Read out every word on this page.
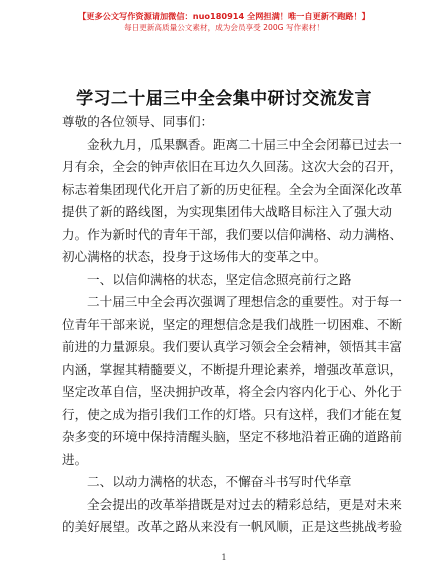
【更多公文写作资源请加微信：nuo180914 全网担满！唯一自更新不跑路！】
每日更新高质量公文素材，成为会员享受 200G 写作素材！
学习二十届三中全会集中研讨交流发言
尊敬的各位领导、同事们：
金秋九月，瓜果飘香。距离二十届三中全会闭幕已过去一
月有余，全会的钟声依旧在耳边久久回荡。这次大会的召开，
标志着集团现代化开启了新的历史征程。全会为全面深化改革
提供了新的路线图，为实现集团伟大战略目标注入了强大动
力。作为新时代的青年干部，我们要以信仰满格、动力满格、
初心满格的状态，投身于这场伟大的变革之中。
一、以信仰满格的状态，坚定信念照亮前行之路
二十届三中全会再次强调了理想信念的重要性。对于每一
位青年干部来说，坚定的理想信念是我们战胜一切困难、不断
前进的力量源泉。我们要认真学习领会全会精神，领悟其丰富
内涵，掌握其精髓要义，不断提升理论素养，增强改革意识，
坚定改革自信，坚决拥护改革，将全会内容内化于心、外化于
行，使之成为指引我们工作的灯塔。只有这样，我们才能在复
杂多变的环境中保持清醒头脑，坚定不移地沿着正确的道路前
进。
二、以动力满格的状态，不懈奋斗书写时代华章
全会提出的改革举措既是对过去的精彩总结，更是对未来
的美好展望。改革之路从来没有一帆风顺，正是这些挑战考验
1
